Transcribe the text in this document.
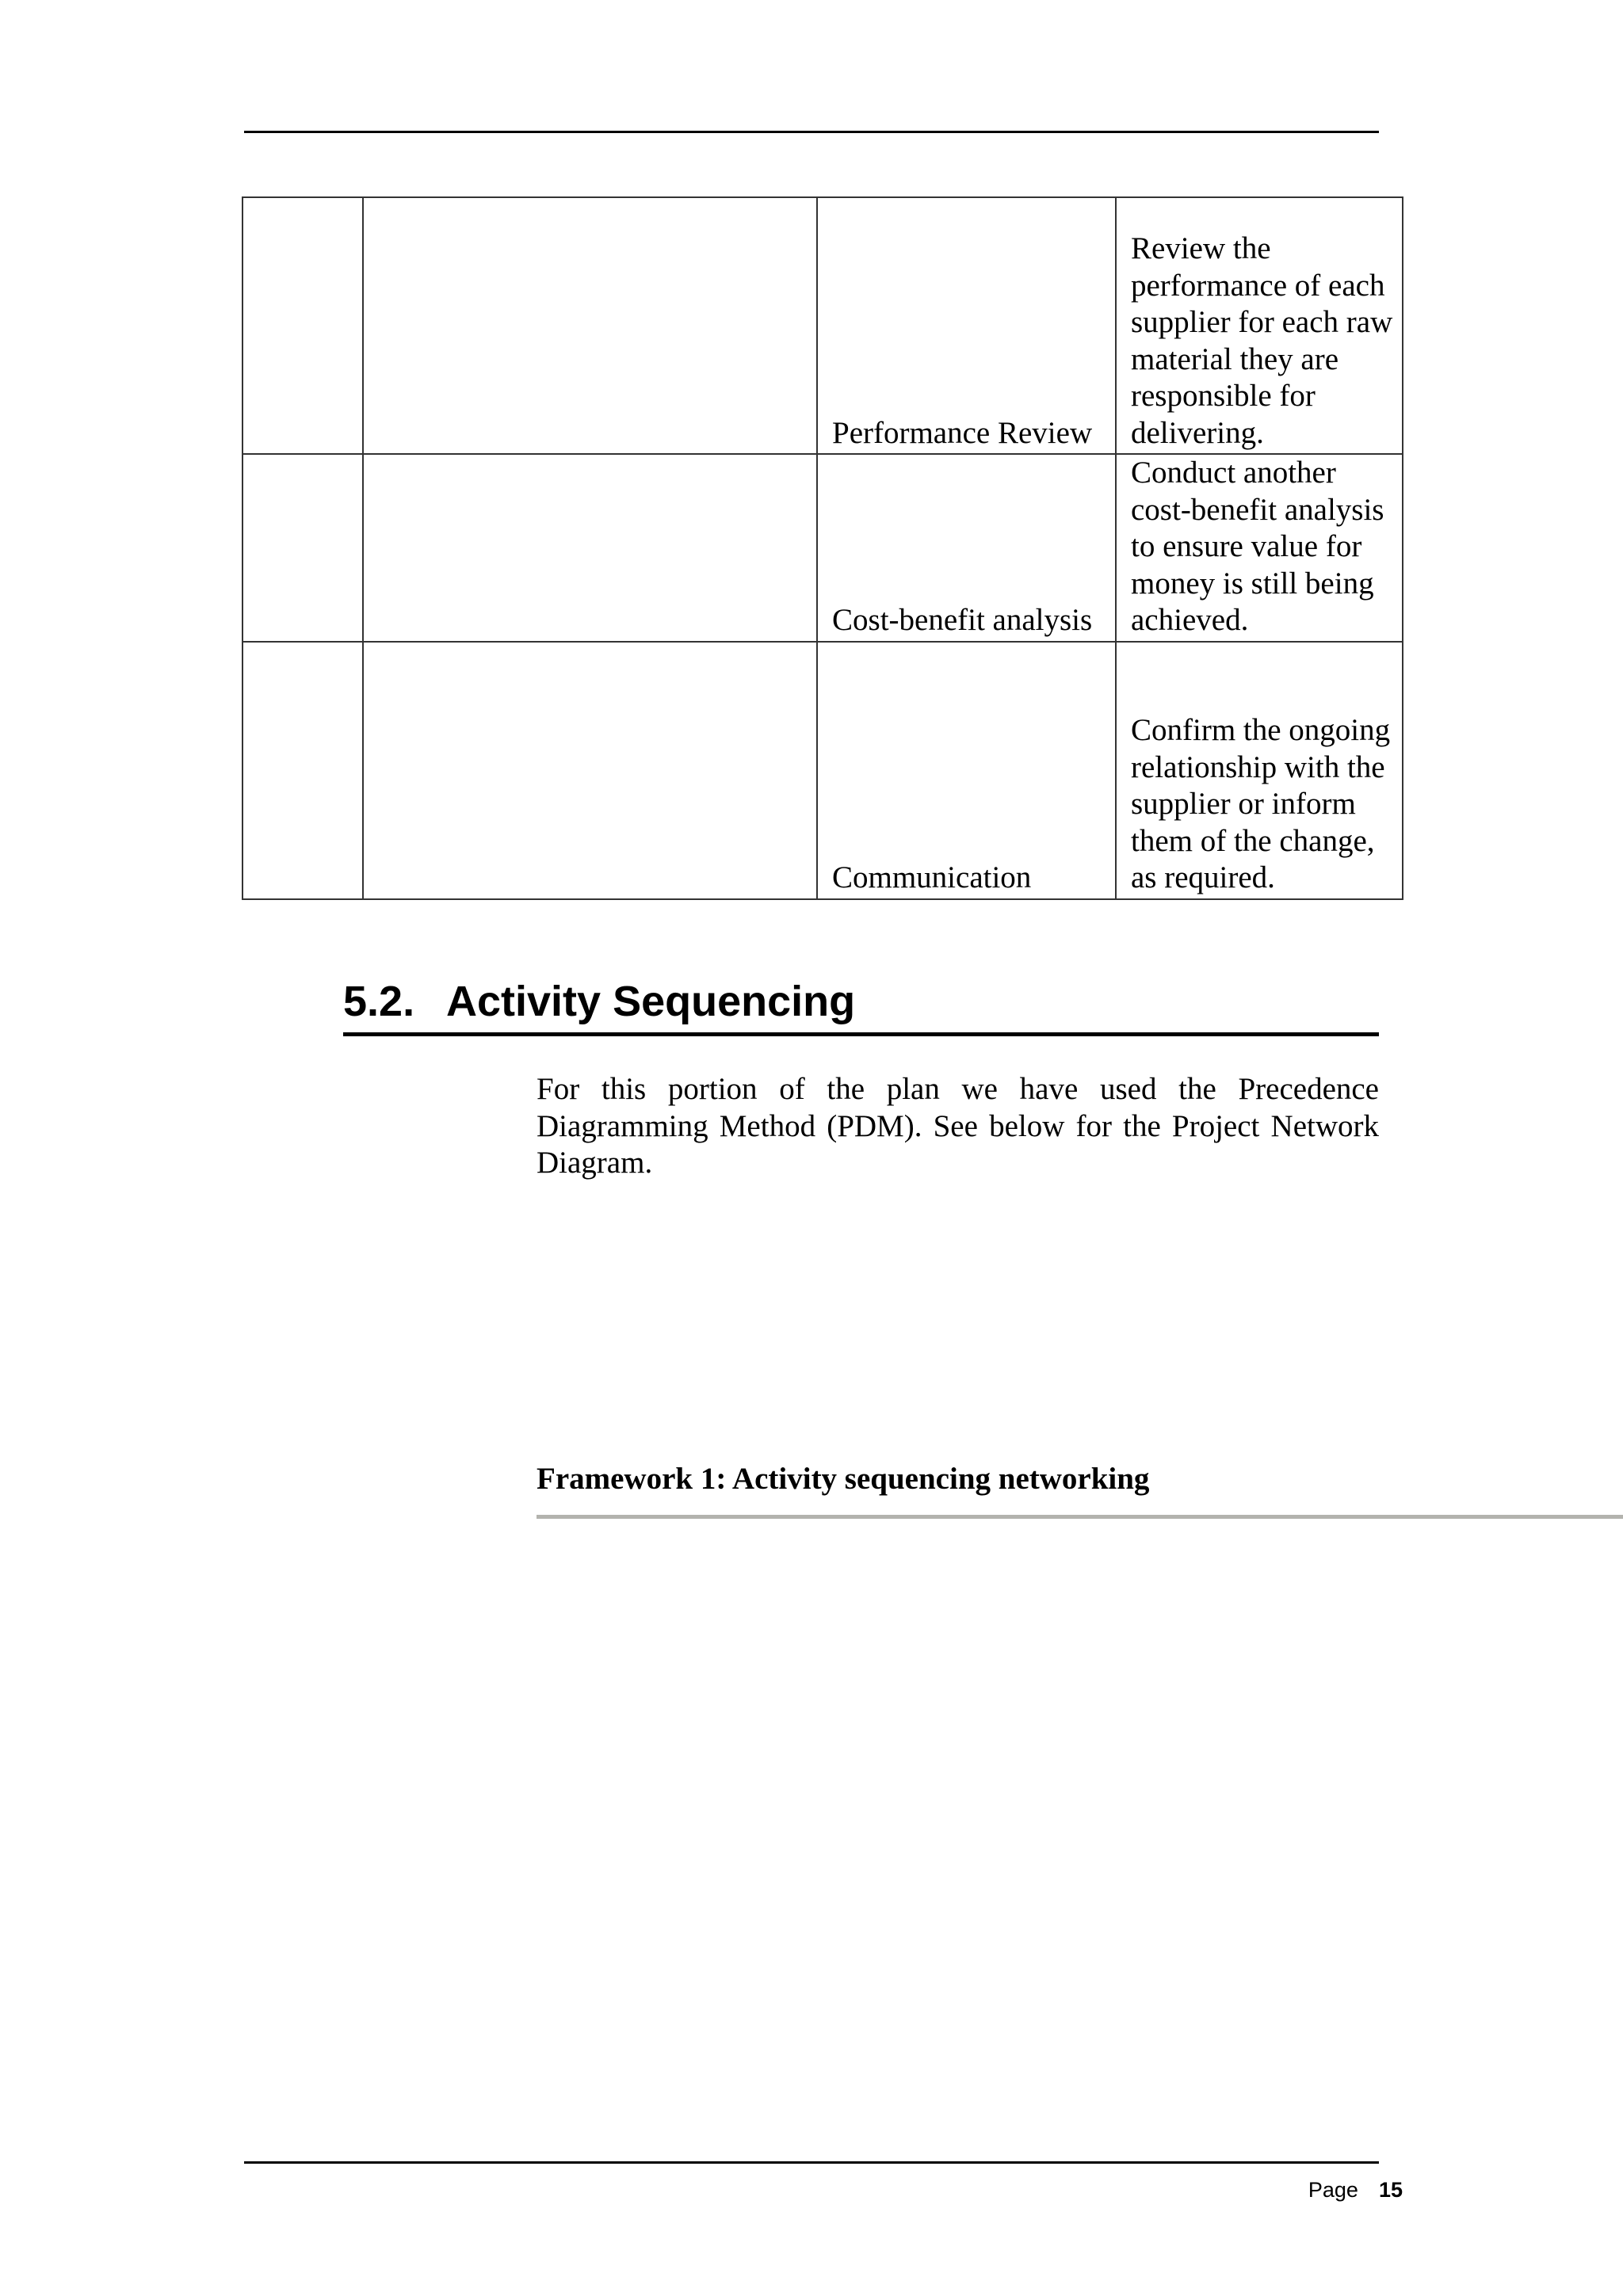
		Performance Review	Review the performance of each supplier for each raw material they are responsible for delivering.
		Cost-benefit analysis	Conduct another cost-benefit analysis to ensure value for money is still being achieved.
		Communication	Confirm the ongoing relationship with the supplier or inform them of the change, as required.
5.2. Activity Sequencing

For this portion of the plan we have used the Precedence Diagramming Method (PDM). See below for the Project Network Diagram.

Framework 1: Activity sequencing networking
Page 15
